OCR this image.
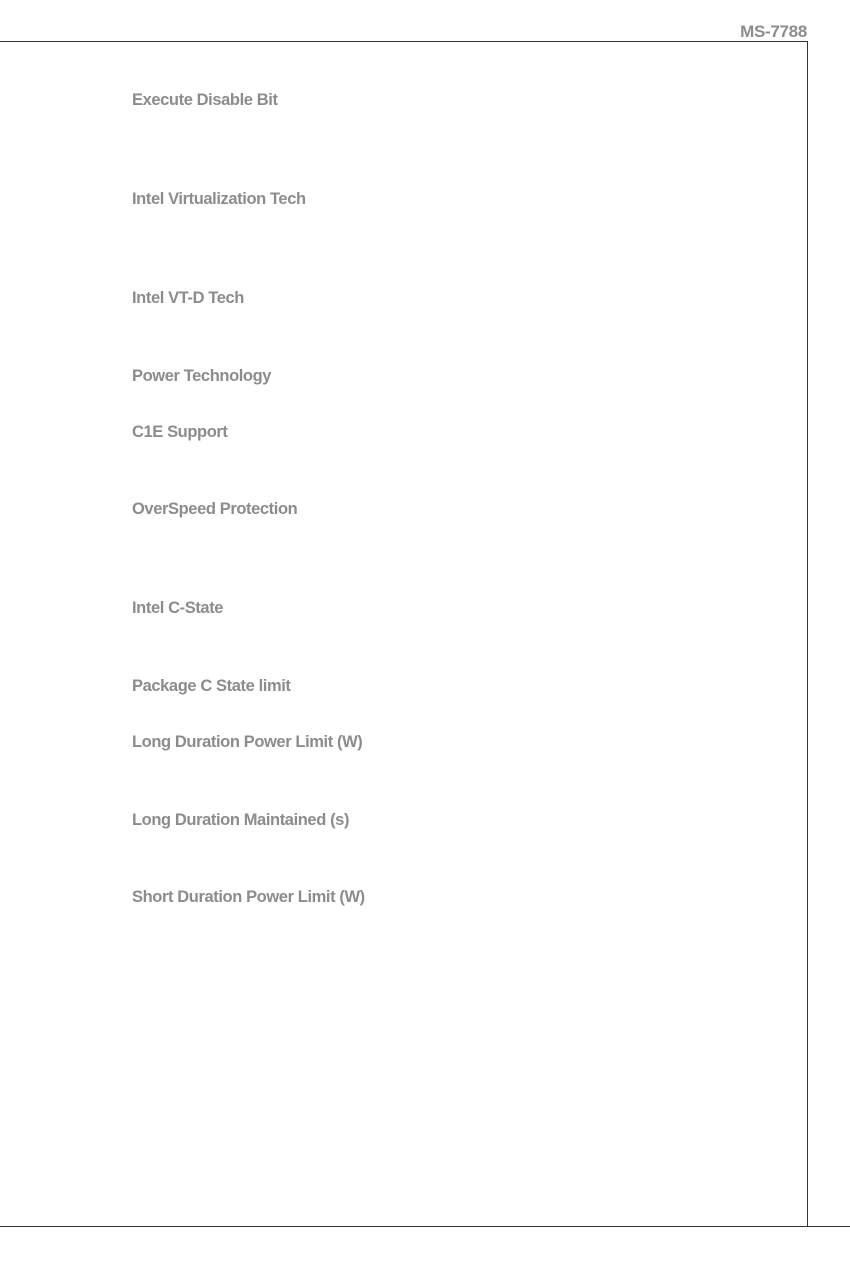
MS-7788
Execute Disable Bit
Intel Virtualization Tech
Intel VT-D Tech
Power Technology
C1E Support
OverSpeed Protection
Intel C-State
Package C State limit
Long Duration Power Limit (W)
Long Duration Maintained (s)
Short Duration Power Limit (W)
